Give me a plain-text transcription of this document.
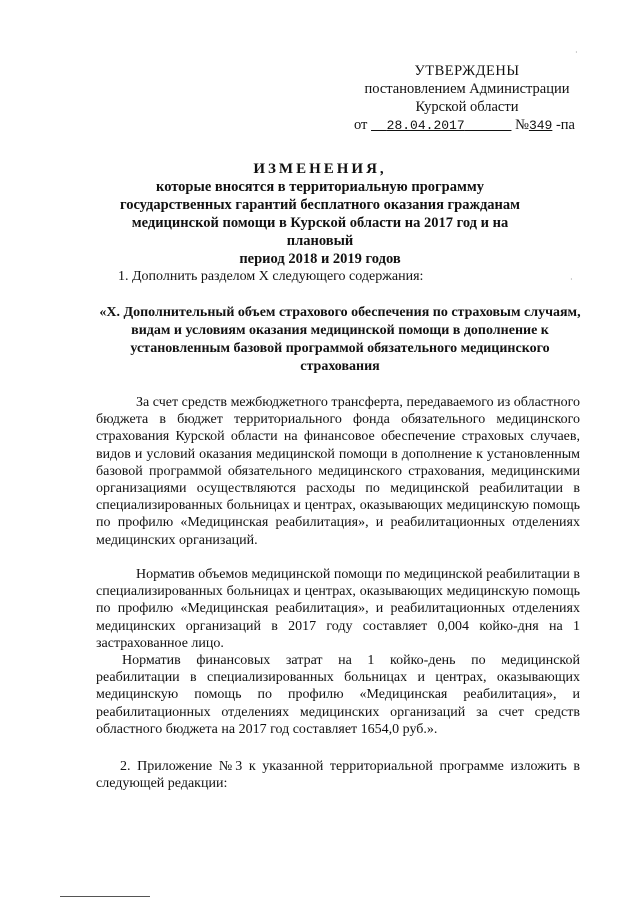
УТВЕРЖДЕНЫ
постановлением Администрации
Курской области
от 28.04.2017	№349 -па
ИЗМЕНЕНИЯ,
которые вносятся в территориальную программу
государственных гарантий бесплатного оказания гражданам
медицинской помощи в Курской области на 2017 год и на плановый
период 2018 и 2019 годов
1. Дополнить разделом Х следующего содержания:
«Х. Дополнительный объем страхового обеспечения по страховым случаям, видам и условиям оказания медицинской помощи в дополнение к установленным базовой программой обязательного медицинского страхования
За счет средств межбюджетного трансферта, передаваемого из областного бюджета в бюджет территориального фонда обязательного медицинского страхования Курской области на финансовое обеспечение страховых случаев, видов и условий оказания медицинской помощи в дополнение к установленным базовой программой обязательного медицинского страхования, медицинскими организациями осуществляются расходы по медицинской реабилитации в специализированных больницах и центрах, оказывающих медицинскую помощь по профилю «Медицинская реабилитация», и реабилитационных отделениях медицинских организаций.
Норматив объемов медицинской помощи по медицинской реабилитации в специализированных больницах и центрах, оказывающих медицинскую помощь по профилю «Медицинская реабилитация», и реабилитационных отделениях медицинских организаций в 2017 году составляет 0,004 койко-дня на 1 застрахованное лицо.
Норматив финансовых затрат на 1 койко-день по медицинской реабилитации в специализированных больницах и центрах, оказывающих медицинскую помощь по профилю «Медицинская реабилитация», и реабилитационных отделениях медицинских организаций за счет средств областного бюджета на 2017 год составляет 1654,0 руб.».
2. Приложение №3 к указанной территориальной программе изложить в следующей редакции:
·
·
